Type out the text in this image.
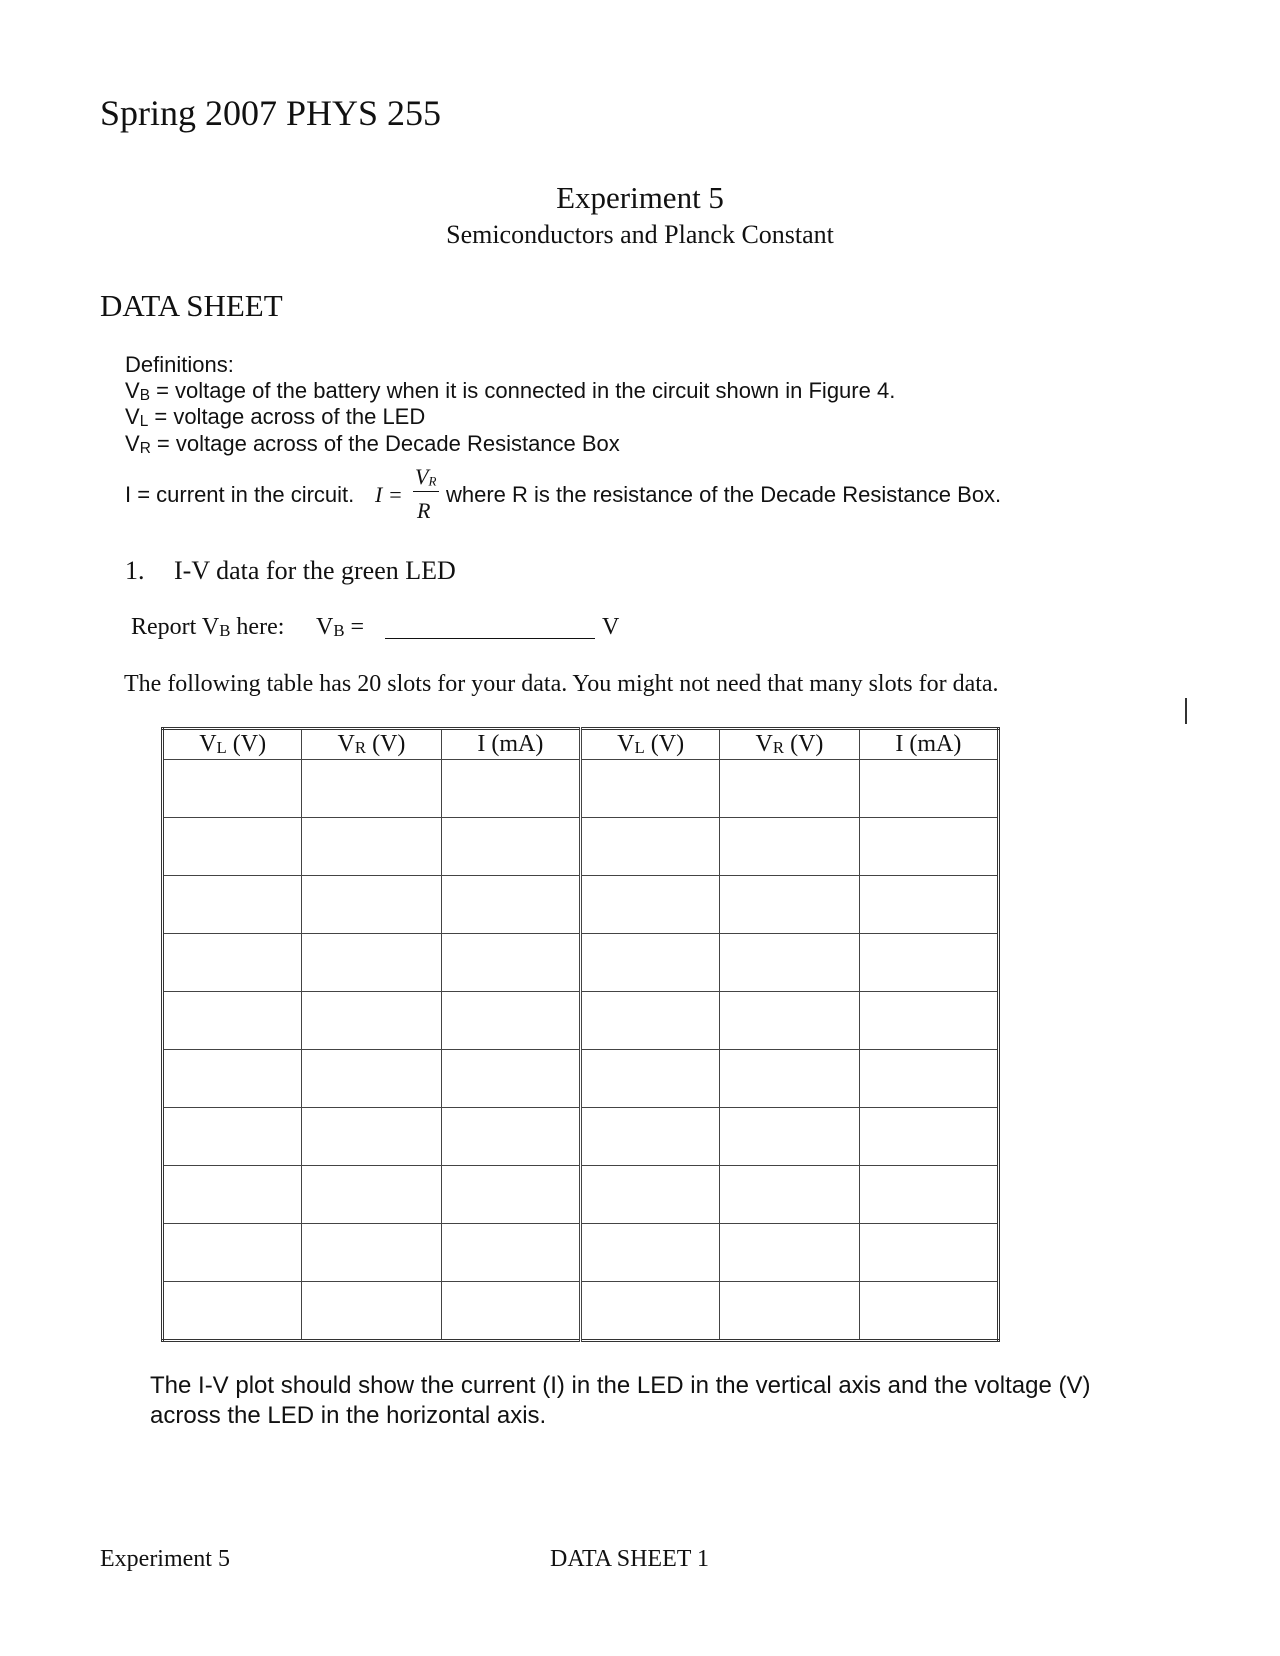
Spring 2007 PHYS 255
Experiment 5
Semiconductors and Planck Constant
DATA SHEET
Definitions:
VB = voltage of the battery when it is connected in the circuit shown in Figure 4.
VL = voltage across of the LED
VR = voltage across of the Decade Resistance Box
I = current in the circuit. I =
VR
R
where R is the resistance of the Decade Resistance Box.
1. I-V data for the green LED
Report VB here: VB =	V
The following table has 20 slots for your data. You might not need that many slots for data.
VL (V)	VR (V)	I (mA)	VL (V)	VR (V)	I (mA)

The I-V plot should show the current (I) in the LED in the vertical axis and the voltage (V)
across the LED in the horizontal axis.
Experiment 5	DATA SHEET 1
